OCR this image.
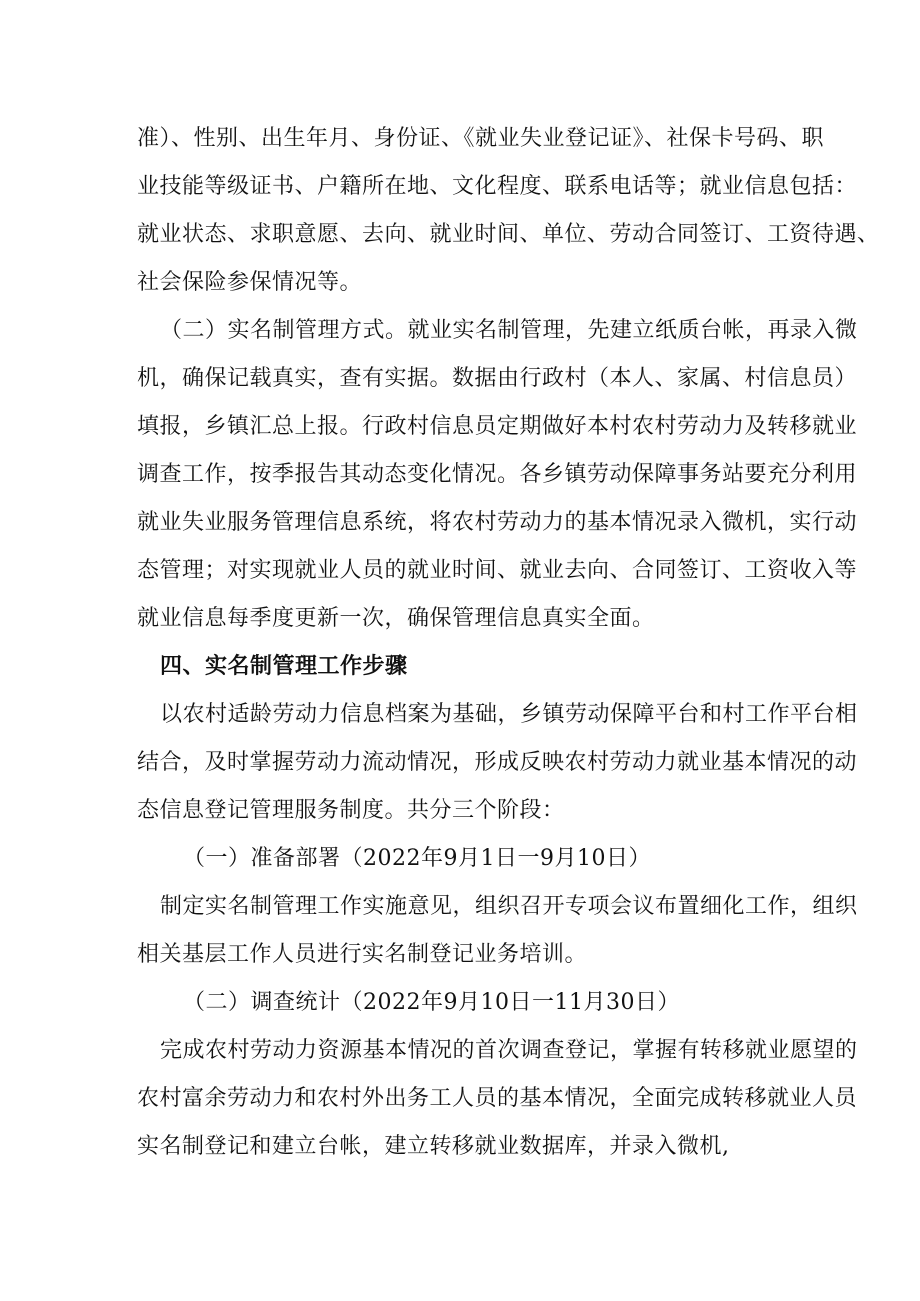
准）、性别、出生年月、身份证、《就业失业登记证》、社保卡号码、职
业技能等级证书、户籍所在地、文化程度、联系电话等；就业信息包括：
就业状态、求职意愿、去向、就业时间、单位、劳动合同签订、工资待遇、
社会保险参保情况等。
（二）实名制管理方式。就业实名制管理，先建立纸质台帐，再录入微
机，确保记载真实，查有实据。数据由行政村（本人、家属、村信息员）
填报，乡镇汇总上报。行政村信息员定期做好本村农村劳动力及转移就业
调查工作，按季报告其动态变化情况。各乡镇劳动保障事务站要充分利用
就业失业服务管理信息系统，将农村劳动力的基本情况录入微机，实行动
态管理；对实现就业人员的就业时间、就业去向、合同签订、工资收入等
就业信息每季度更新一次，确保管理信息真实全面。
四、实名制管理工作步骤
以农村适龄劳动力信息档案为基础，乡镇劳动保障平台和村工作平台相
结合，及时掌握劳动力流动情况，形成反映农村劳动力就业基本情况的动
态信息登记管理服务制度。共分三个阶段：
（一）准备部署（2022年9月1日一9月10日）
制定实名制管理工作实施意见，组织召开专项会议布置细化工作，组织
相关基层工作人员进行实名制登记业务培训。
（二）调查统计（2022年9月10日一11月30日）
完成农村劳动力资源基本情况的首次调查登记，掌握有转移就业愿望的
农村富余劳动力和农村外出务工人员的基本情况，全面完成转移就业人员
实名制登记和建立台帐，建立转移就业数据库，并录入微机,
